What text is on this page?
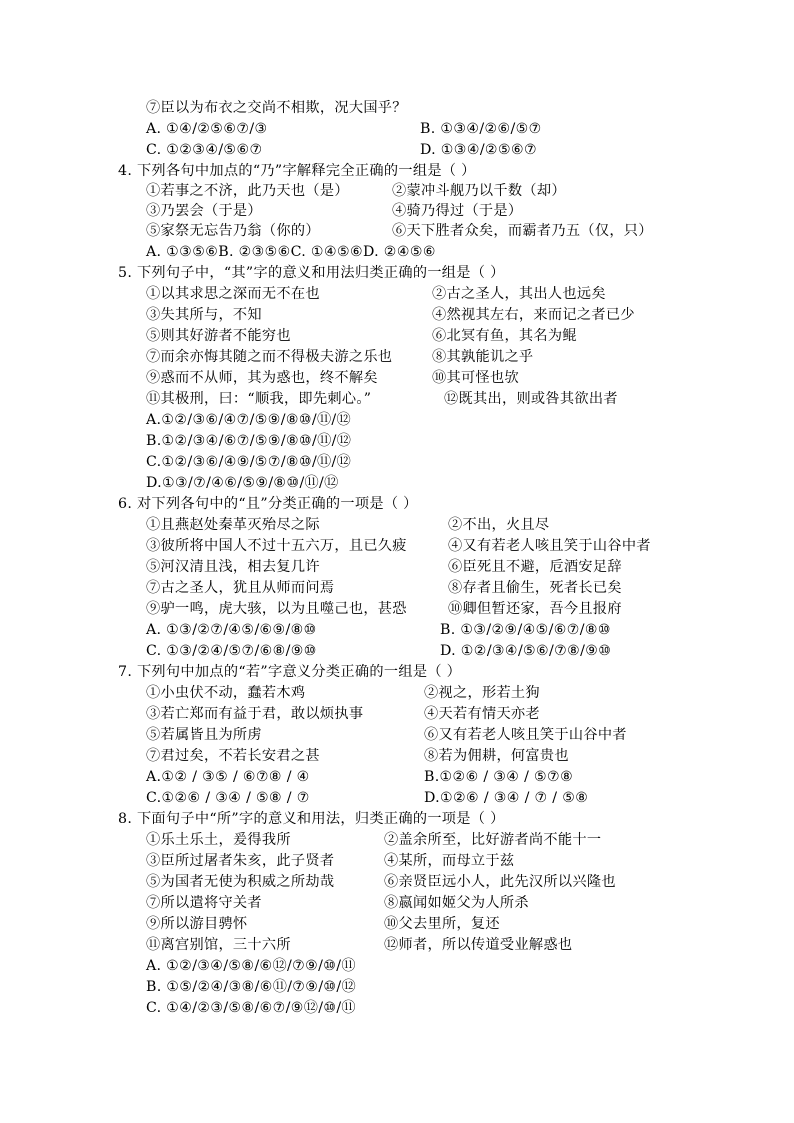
⑦臣以为布衣之交尚不相欺，况大国乎？
A. ①④/②⑤⑥⑦/③	B. ①③④/②⑥/⑤⑦
C. ①②③④/⑤⑥⑦	D. ①③④/②⑤⑥⑦
4. 下列各句中加点的“乃”字解释完全正确的一组是（ ）
①若事之不济，此乃天也（是）	②蒙冲斗舰乃以千数（却）
③乃罢会（于是）	④骑乃得过（于是）
⑤家祭无忘告乃翁（你的）	⑥天下胜者众矣，而霸者乃五（仅，只）
A. ①③⑤⑥B. ②③⑤⑥C. ①④⑤⑥D. ②④⑤⑥
5. 下列句子中，“其”字的意义和用法归类正确的一组是（ ）
①以其求思之深而无不在也	②古之圣人，其出人也远矣
③失其所与，不知	④然视其左右，来而记之者已少
⑤则其好游者不能穷也	⑥北冥有鱼，其名为鲲
⑦而余亦悔其随之而不得极夫游之乐也	⑧其孰能讥之乎
⑨惑而不从师，其为惑也，终不解矣	⑩其可怪也欤
⑪其极刑，曰：“顺我，即先刺心。”	⑫既其出，则或咎其欲出者
A.①②/③⑥/④⑦/⑤⑨/⑧⑩/⑪/⑫
B.①②/③④/⑥⑦/⑤⑨/⑧⑩/⑪/⑫
C.①②/③⑥/④⑨/⑤⑦/⑧⑩/⑪/⑫
D.①③/⑦/④⑥/⑤⑨/⑧⑩/⑪/⑫
6. 对下列各句中的“且”分类正确的一项是（ ）
①且燕赵处秦革灭殆尽之际	②不出，火且尽
③彼所将中国人不过十五六万，且已久疲	④又有若老人咳且笑于山谷中者
⑤河汉清且浅，相去复几许	⑥臣死且不避，卮酒安足辞
⑦古之圣人，犹且从师而问焉	⑧存者且偷生，死者长已矣
⑨驴一鸣，虎大骇，以为且噬己也，甚恐	⑩卿但暂还家，吾今且报府
A. ①③/②⑦/④⑤/⑥⑨/⑧⑩	B. ①③/②⑨/④⑤/⑥⑦/⑧⑩
C. ①③/②④/⑤⑦/⑥⑧/⑨⑩	D. ①②/③④/⑤⑥/⑦⑧/⑨⑩
7. 下列句中加点的“若”字意义分类正确的一组是（ ）
①小虫伏不动，蠢若木鸡	②视之，形若土狗
③若亡郑而有益于君，敢以烦执事	④天若有情天亦老
⑤若属皆且为所虏	⑥又有若老人咳且笑于山谷中者
⑦君过矣，不若长安君之甚	⑧若为佣耕，何富贵也
A.①② / ③⑤ / ⑥⑦⑧ / ④	B.①②⑥ / ③④ / ⑤⑦⑧
C.①②⑥ / ③④ / ⑤⑧ / ⑦	D.①②⑥ / ③④ / ⑦ / ⑤⑧
8. 下面句子中“所”字的意义和用法，归类正确的一项是（ ）
①乐土乐土，爰得我所	②盖余所至，比好游者尚不能十一
③臣所过屠者朱亥，此子贤者	④某所，而母立于兹
⑤为国者无使为积威之所劫哉	⑥亲贤臣远小人，此先汉所以兴隆也
⑦所以遣将守关者	⑧嬴闻如姬父为人所杀
⑨所以游目骋怀	⑩父去里所，复还
⑪离宫别馆，三十六所	⑫师者，所以传道受业解惑也
A. ①②/③④/⑤⑧/⑥⑫/⑦⑨/⑩/⑪
B. ①⑤/②④/③⑧/⑥⑪/⑦⑨/⑩/⑫
C. ①④/②③/⑤⑧/⑥⑦/⑨⑫/⑩/⑪
